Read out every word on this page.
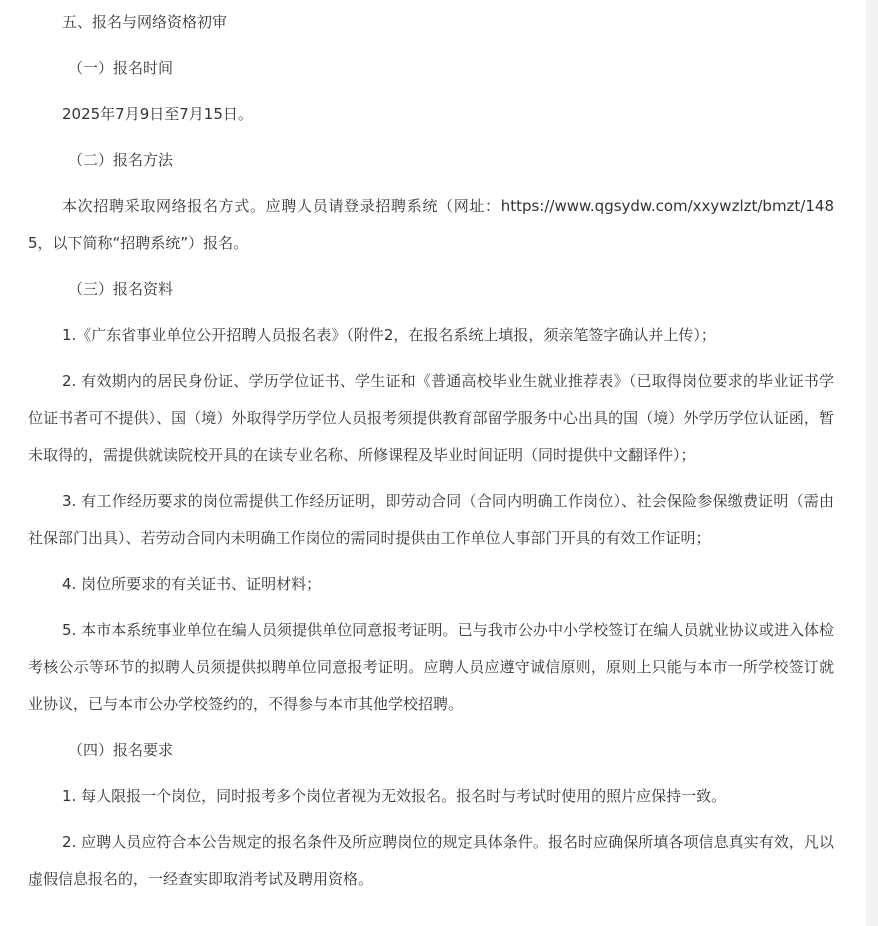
五、报名与网络资格初审

（一）报名时间

2025年7月9日至7月15日。

（二）报名方法

本次招聘采取网络报名方式。应聘人员请登录招聘系统（网址：https://www.qgsydw.com/xxywzlzt/bmzt/1485，以下简称“招聘系统”）报名。

（三）报名资料

1.《广东省事业单位公开招聘人员报名表》（附件2，在报名系统上填报，须亲笔签字确认并上传）；

2. 有效期内的居民身份证、学历学位证书、学生证和《普通高校毕业生就业推荐表》（已取得岗位要求的毕业证书学位证书者可不提供）、国（境）外取得学历学位人员报考须提供教育部留学服务中心出具的国（境）外学历学位认证函，暂未取得的，需提供就读院校开具的在读专业名称、所修课程及毕业时间证明（同时提供中文翻译件）；

3. 有工作经历要求的岗位需提供工作经历证明，即劳动合同（合同内明确工作岗位）、社会保险参保缴费证明（需由社保部门出具）、若劳动合同内未明确工作岗位的需同时提供由工作单位人事部门开具的有效工作证明；

4. 岗位所要求的有关证书、证明材料；

5. 本市本系统事业单位在编人员须提供单位同意报考证明。已与我市公办中小学校签订在编人员就业协议或进入体检考核公示等环节的拟聘人员须提供拟聘单位同意报考证明。应聘人员应遵守诚信原则，原则上只能与本市一所学校签订就业协议，已与本市公办学校签约的，不得参与本市其他学校招聘。

（四）报名要求

1. 每人限报一个岗位，同时报考多个岗位者视为无效报名。报名时与考试时使用的照片应保持一致。

2. 应聘人员应符合本公告规定的报名条件及所应聘岗位的规定具体条件。报名时应确保所填各项信息真实有效，凡以虚假信息报名的，一经查实即取消考试及聘用资格。
